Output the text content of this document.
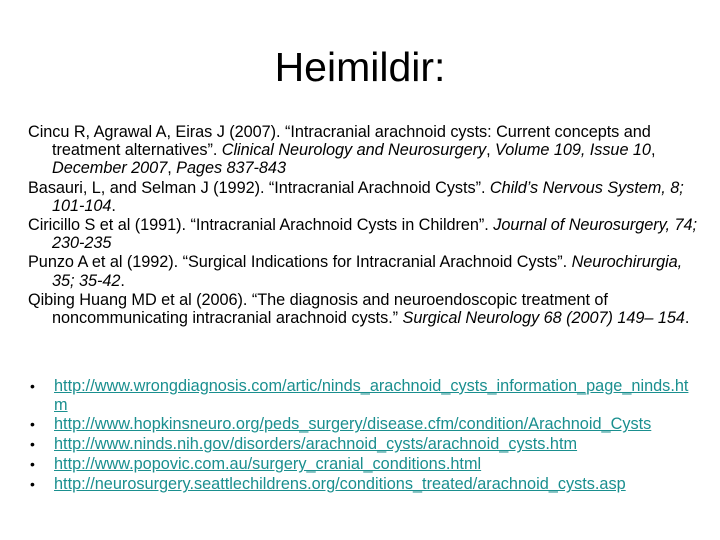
Heimildir:
Cincu R, Agrawal A, Eiras J (2007). “Intracranial arachnoid cysts: Current concepts and treatment alternatives”. Clinical Neurology and Neurosurgery, Volume 109, Issue 10, December 2007, Pages 837-843
Basauri, L, and Selman J (1992). “Intracranial Arachnoid Cysts”. Child’s Nervous System, 8; 101-104.
Ciricillo S et al (1991). “Intracranial Arachnoid Cysts in Children”. Journal of Neurosurgery, 74; 230-235
Punzo A et al (1992). “Surgical Indications for Intracranial Arachnoid Cysts”. Neurochirurgia, 35; 35-42.
Qibing Huang MD et al (2006). “The diagnosis and neuroendoscopic treatment of noncommunicating intracranial arachnoid cysts.” Surgical Neurology 68 (2007) 149– 154.
• http://www.wrongdiagnosis.com/artic/ninds_arachnoid_cysts_information_page_ninds.htm
• http://www.hopkinsneuro.org/peds_surgery/disease.cfm/condition/Arachnoid_Cysts
• http://www.ninds.nih.gov/disorders/arachnoid_cysts/arachnoid_cysts.htm
• http://www.popovic.com.au/surgery_cranial_conditions.html
• http://neurosurgery.seattlechildrens.org/conditions_treated/arachnoid_cysts.asp
